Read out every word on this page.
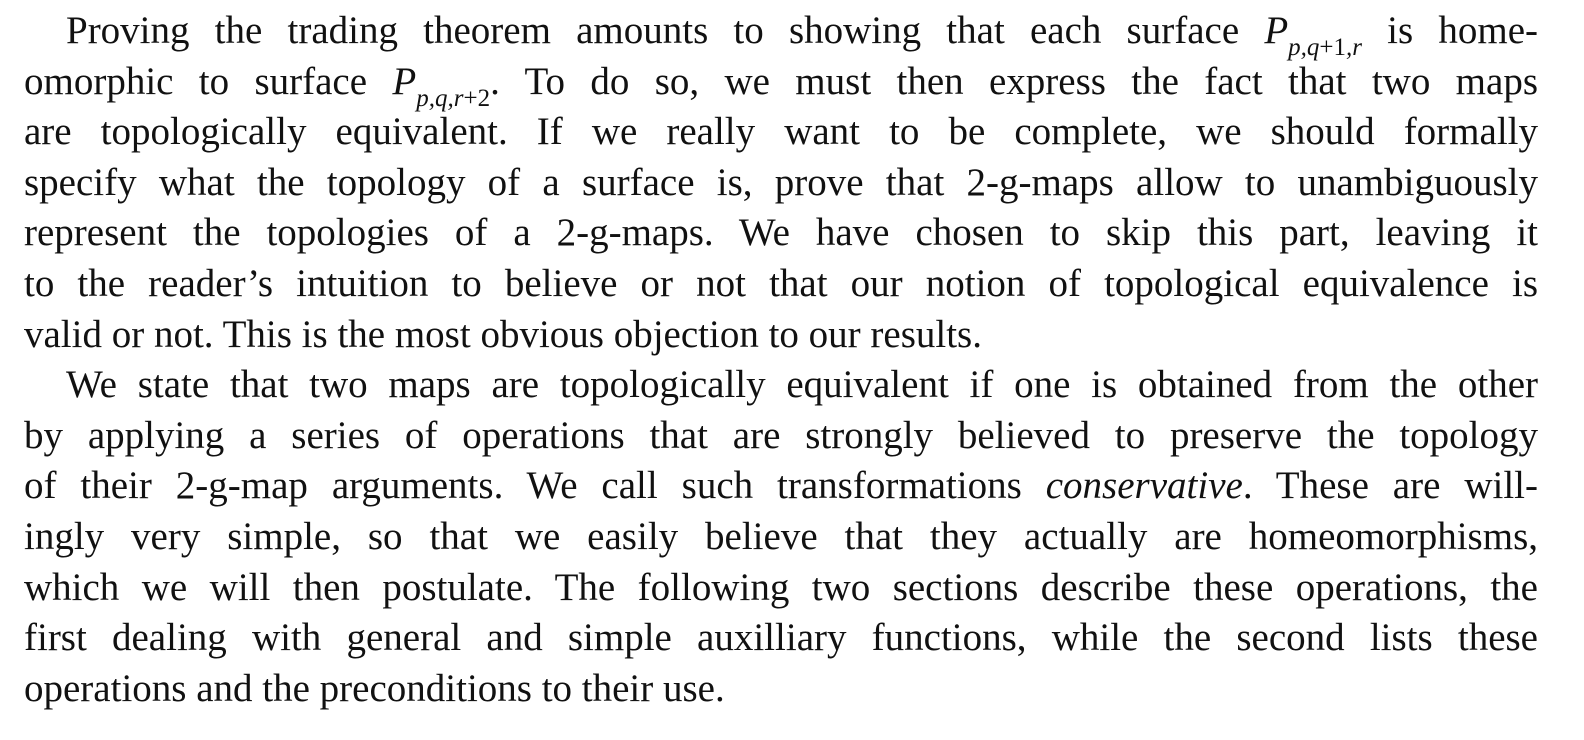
Proving the trading theorem amounts to showing that each surface $P_{p,q+1,r}$ is home-
omorphic to surface $P_{p,q,r+2}$. To do so, we must then express the fact that two maps
are topologically equivalent. If we really want to be complete, we should formally
specify what the topology of a surface is, prove that 2-g-maps allow to unambiguously
represent the topologies of a 2-g-maps. We have chosen to skip this part, leaving it
to the reader’s intuition to believe or not that our notion of topological equivalence is
valid or not. This is the most obvious objection to our results.
We state that two maps are topologically equivalent if one is obtained from the other
by applying a series of operations that are strongly believed to preserve the topology
of their 2-g-map arguments. We call such transformations conservative. These are will-
ingly very simple, so that we easily believe that they actually are homeomorphisms,
which we will then postulate. The following two sections describe these operations, the
first dealing with general and simple auxilliary functions, while the second lists these
operations and the preconditions to their use.
